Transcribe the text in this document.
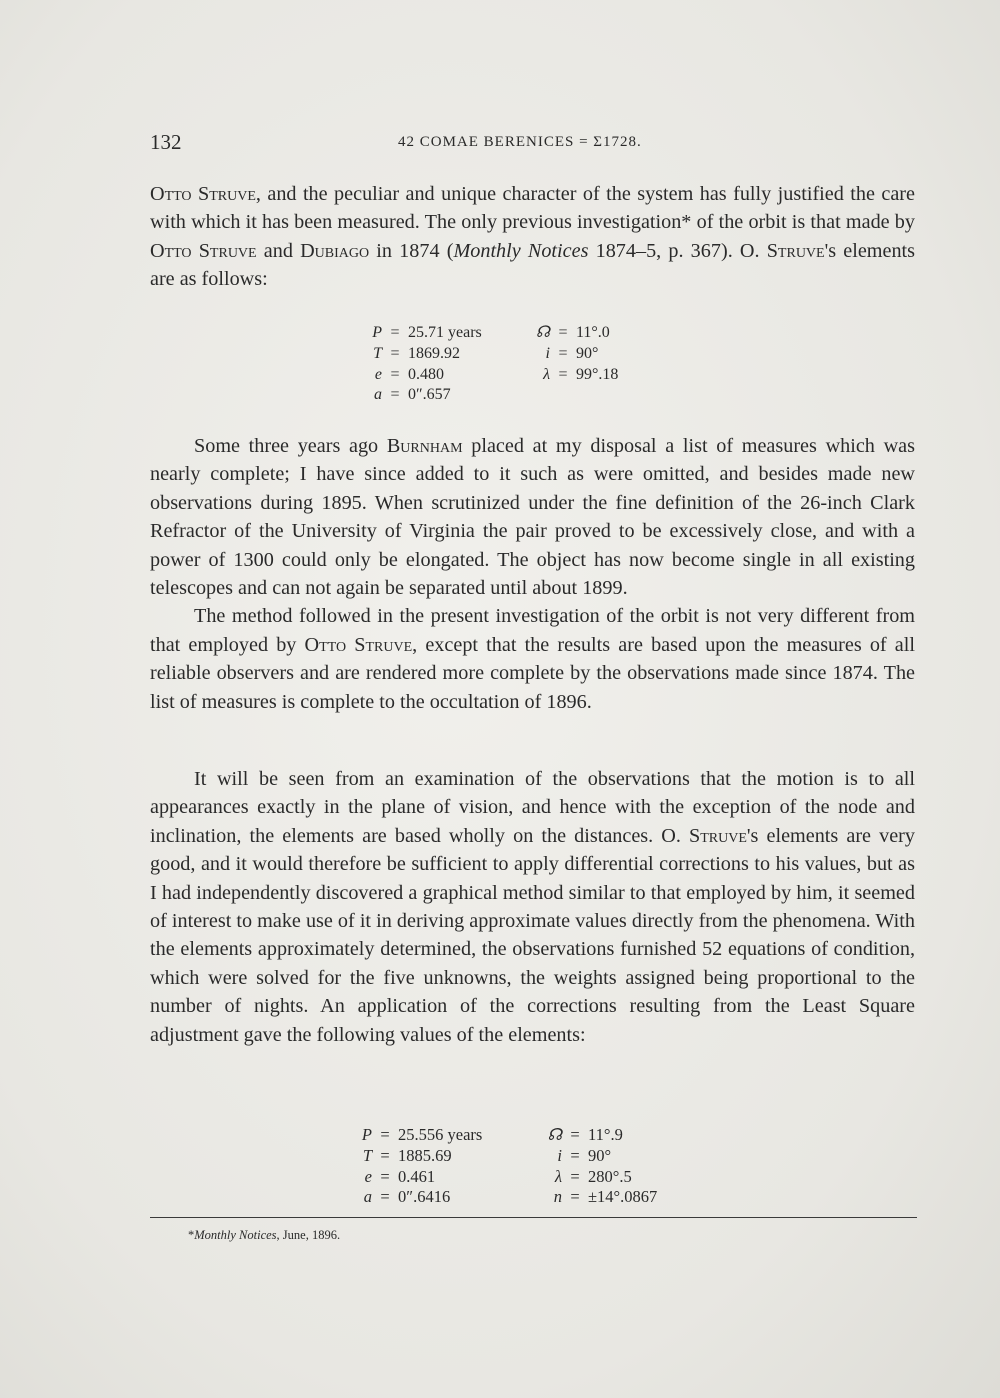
132	42 COMAE BERENICES = Σ1728.

Otto Struve, and the peculiar and unique character of the system has fully justified the care with which it has been measured. The only previous investigation* of the orbit is that made by Otto Struve and Dubiago in 1874 (Monthly Notices 1874–5, p. 367). O. Struve's elements are as follows:

P = 25.71 years
T = 1869.92
e = 0.480
a = 0″.657
☊ = 11°.0
i = 90°
λ = 99°.18

Some three years ago Burnham placed at my disposal a list of measures which was nearly complete; I have since added to it such as were omitted, and besides made new observations during 1895. When scrutinized under the fine definition of the 26-inch Clark Refractor of the University of Virginia the pair proved to be excessively close, and with a power of 1300 could only be elongated. The object has now become single in all existing telescopes and can not again be separated until about 1899.

The method followed in the present investigation of the orbit is not very different from that employed by Otto Struve, except that the results are based upon the measures of all reliable observers and are rendered more complete by the observations made since 1874. The list of measures is complete to the occultation of 1896.

It will be seen from an examination of the observations that the motion is to all appearances exactly in the plane of vision, and hence with the exception of the node and inclination, the elements are based wholly on the distances. O. Struve's elements are very good, and it would therefore be sufficient to apply differential corrections to his values, but as I had independently discovered a graphical method similar to that employed by him, it seemed of interest to make use of it in deriving approximate values directly from the phenomena. With the elements approximately determined, the observations furnished 52 equations of condition, which were solved for the five unknowns, the weights assigned being proportional to the number of nights. An application of the corrections resulting from the Least Square adjustment gave the following values of the elements:

P = 25.556 years
T = 1885.69
e = 0.461
a = 0″.6416
☊ = 11°.9
i = 90°
λ = 280°.5
n = ±14°.0867
*Monthly Notices, June, 1896.
